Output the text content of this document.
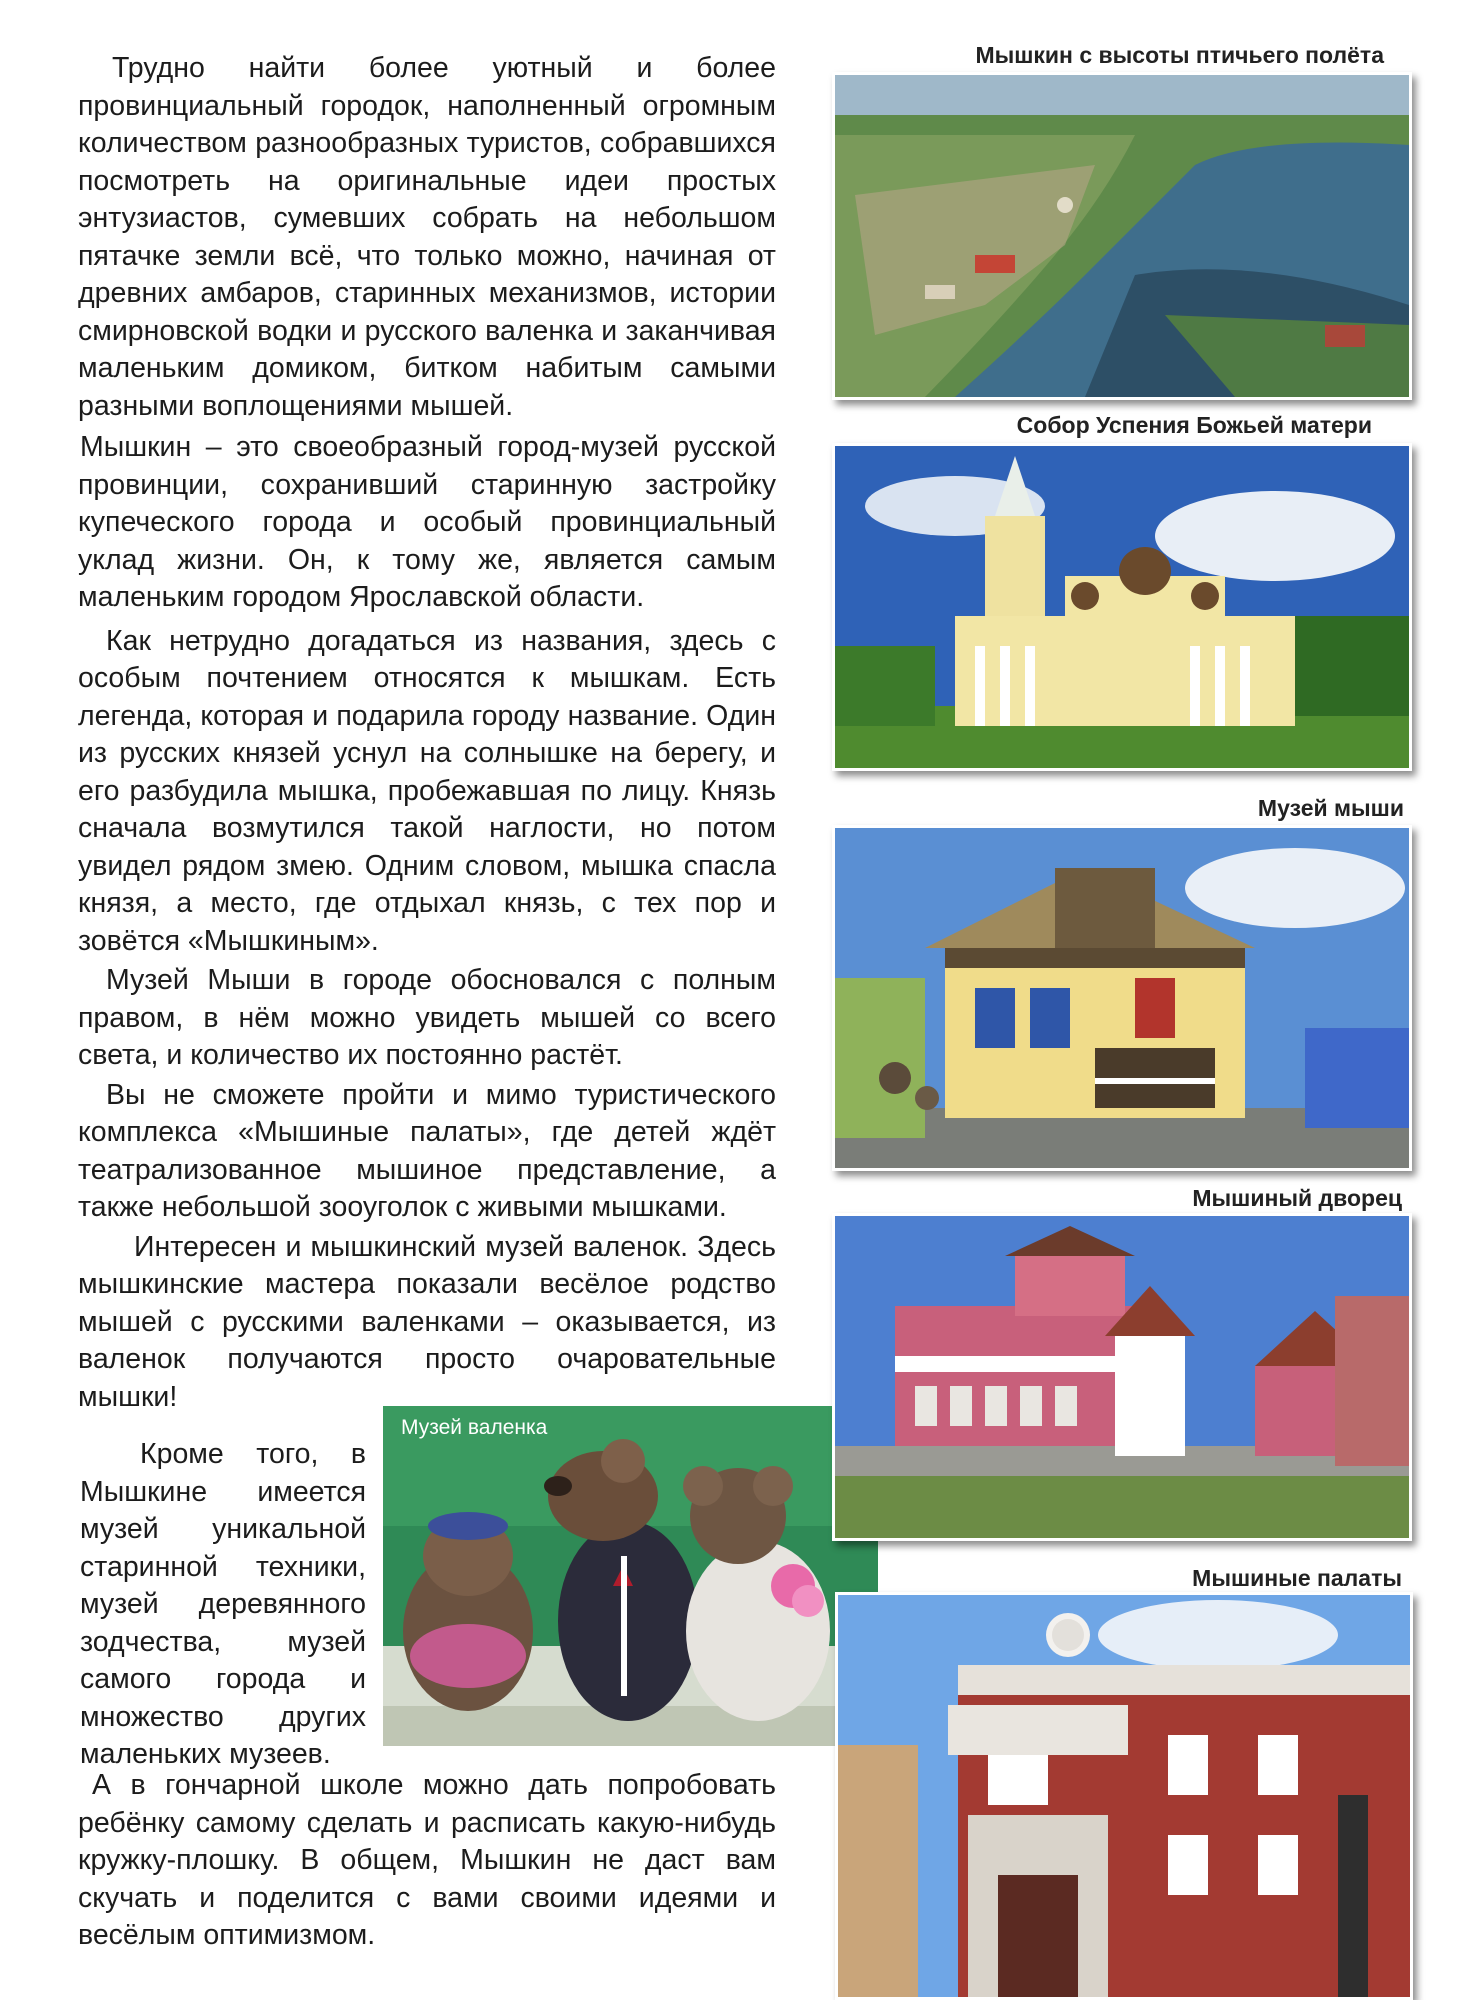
Трудно найти более уютный и более провинциальный городок, наполненный огромным количеством разнообразных туристов, собравшихся посмотреть на оригинальные идеи простых энтузиастов, сумевших собрать на небольшом пятачке земли всё, что только можно, начиная от древних амбаров, старинных механизмов, истории смирновской водки и русского валенка и заканчивая маленьким домиком, битком набитым самыми разными воплощениями мышей.

Мышкин – это своеобразный город-музей русской провинции, сохранивший старинную застройку купеческого города и особый провинциальный уклад жизни. Он, к тому же, является самым маленьким городом Ярославской области.

Как нетрудно догадаться из названия, здесь с особым почтением относятся к мышкам. Есть легенда, которая и подарила городу название. Один из русских князей уснул на солнышке на берегу, и его разбудила мышка, пробежавшая по лицу. Князь сначала возмутился такой наглости, но потом увидел рядом змею. Одним словом, мышка спасла князя, а место, где отдыхал князь, с тех пор и зовётся «Мышкиным».

Музей Мыши в городе обосновался с полным правом, в нём можно увидеть мышей со всего света, и количество их постоянно растёт.

Вы не сможете пройти и мимо туристического комплекса «Мышиные палаты», где детей ждёт театрализованное мышиное представление, а также небольшой зооуголок с живыми мышками.

Интересен и мышкинский музей валенок. Здесь мышкинские мастера показали весёлое родство мышей с русскими валенками – оказывается, из валенок получаются просто очаровательные мышки!

Кроме того, в Мышкине имеется музей уникальной старинной техники, музей деревянного зодчества, музей самого города и множество других маленьких музеев.

А в гончарной школе можно дать попробовать ребёнку самому сделать и расписать какую-нибудь кружку-плошку. В общем, Мышкин не даст вам скучать и поделится с вами своими идеями и весёлым оптимизмом.

Музей валенка
Мышкин с высоты птичьего полёта
Собор Успения Божьей матери
Музей мыши
Мышиный дворец
Мышиные палаты
